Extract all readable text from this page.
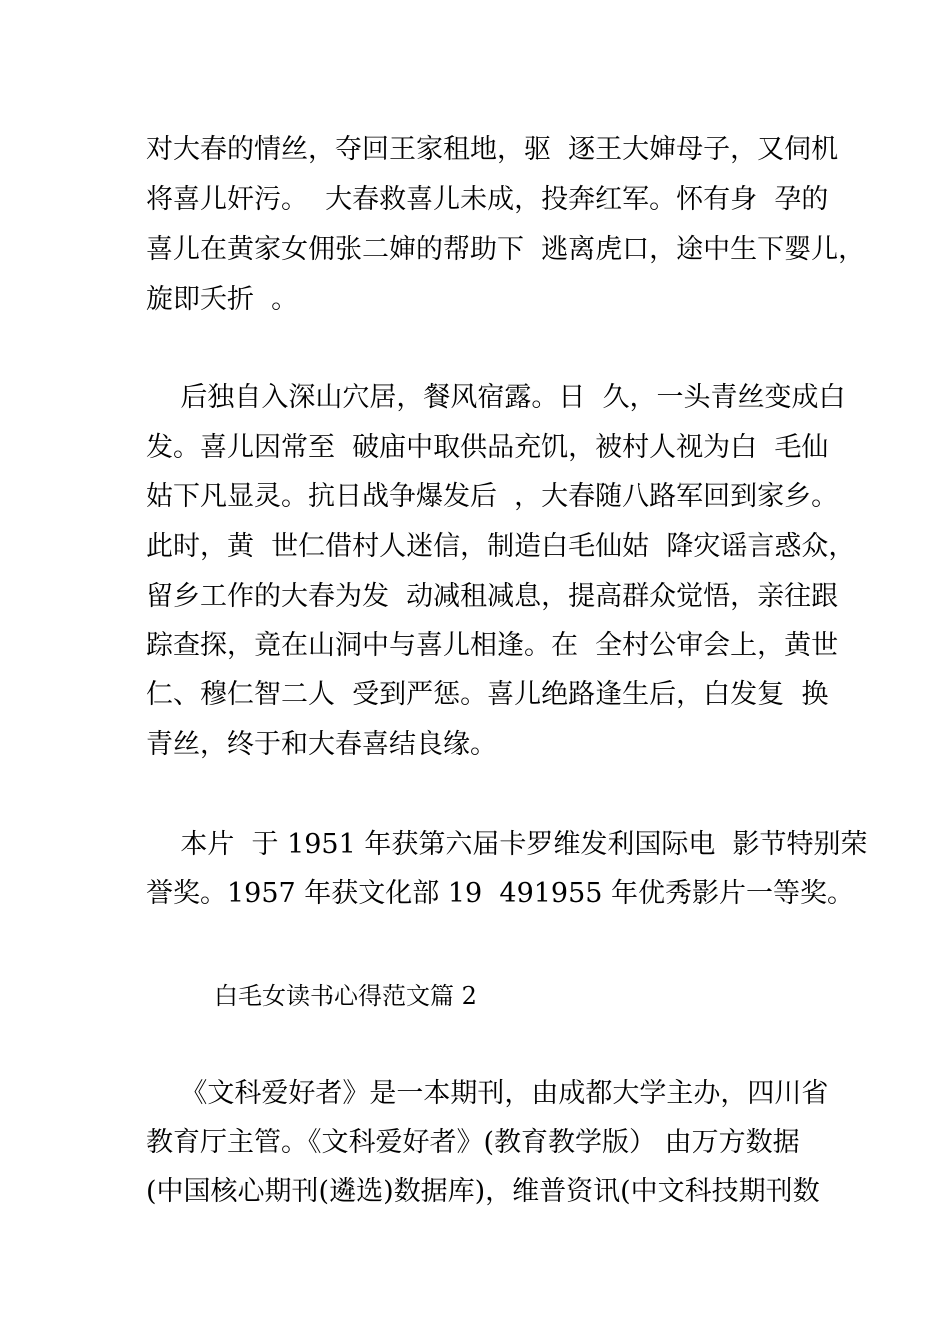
对大春的情丝，夺回王家租地，驱  逐王大婶母子，又伺机
将喜儿奸污。  大春救喜儿未成，投奔红军。怀有身  孕的
喜儿在黄家女佣张二婶的帮助下  逃离虎口，途中生下婴儿，
旋即夭折  。
后独自入深山穴居，餐风宿露。日  久，一头青丝变成白
发。喜儿因常至  破庙中取供品充饥，被村人视为白  毛仙
姑下凡显灵。抗日战争爆发后  ，大春随八路军回到家乡。
此时，黄  世仁借村人迷信，制造白毛仙姑  降灾谣言惑众，
留乡工作的大春为发  动减租减息，提高群众觉悟，亲往跟
踪查探，竟在山洞中与喜儿相逢。在  全村公审会上，黄世
仁、穆仁智二人  受到严惩。喜儿绝路逢生后，白发复  换
青丝，终于和大春喜结良缘。
本片  于 1951 年获第六届卡罗维发利国际电  影节特别荣
誉奖。1957 年获文化部 19  491955 年优秀影片一等奖。
白毛女读书心得范文篇 2
《文科爱好者》是一本期刊，由成都大学主办，四川省
教育厅主管。《文科爱好者》(教育教学版） 由万方数据
(中国核心期刊(遴选)数据库)，维普资讯(中文科技期刊数
